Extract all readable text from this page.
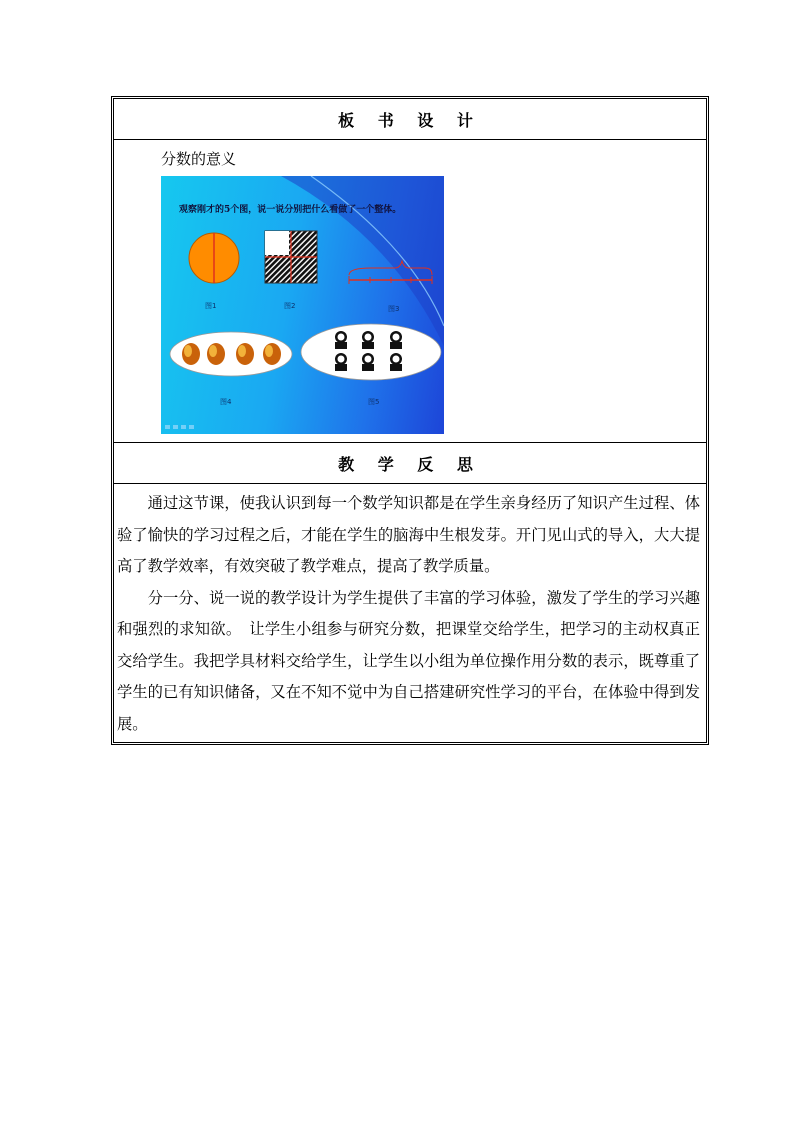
板 书 设 计
分数的意义
观察刚才的5个图，说一说分别把什么看做了一个整体。
图1	图2	图3
图4	图5
教 学 反 思

通过这节课，使我认识到每一个数学知识都是在学生亲身经历了知识产生过程、体验了愉快的学习过程之后，才能在学生的脑海中生根发芽。开门见山式的导入，大大提高了教学效率，有效突破了教学难点，提高了教学质量。

分一分、说一说的教学设计为学生提供了丰富的学习体验，激发了学生的学习兴趣和强烈的求知欲。　让学生小组参与研究分数，把课堂交给学生，把学习的主动权真正交给学生。我把学具材料交给学生，让学生以小组为单位操作用分数的表示，既尊重了学生的已有知识储备，又在不知不觉中为自己搭建研究性学习的平台，在体验中得到发展。
